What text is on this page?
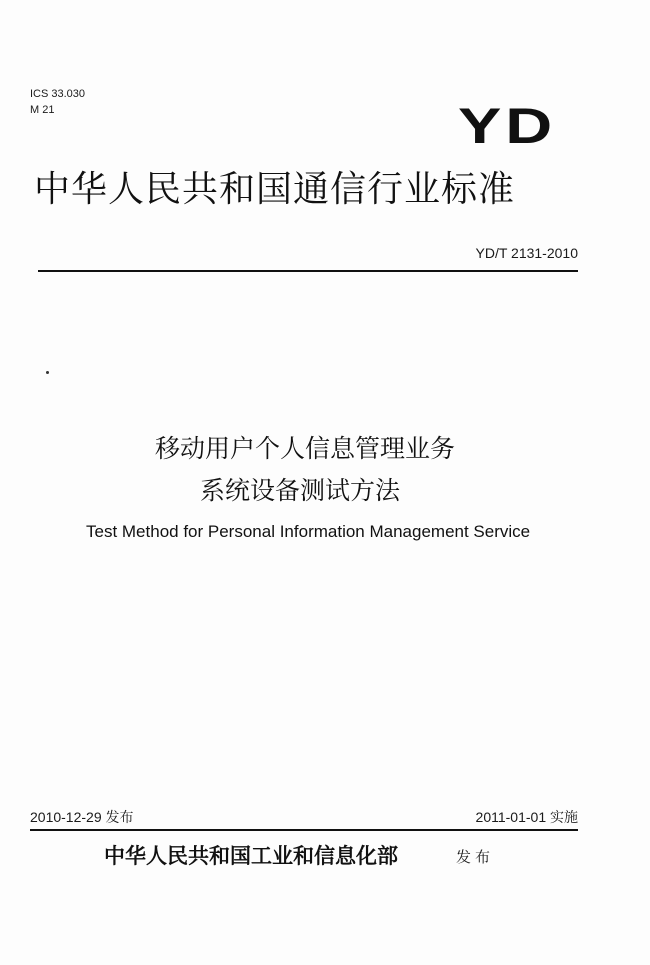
ICS 33.030
M 21	YD
中华人民共和国通信行业标准
YD/T 2131-2010
移动用户个人信息管理业务
系统设备测试方法
Test Method for Personal Information Management Service
2010-12-29 发布	2011-01-01 实施
中华人民共和国工业和信息化部	发布
